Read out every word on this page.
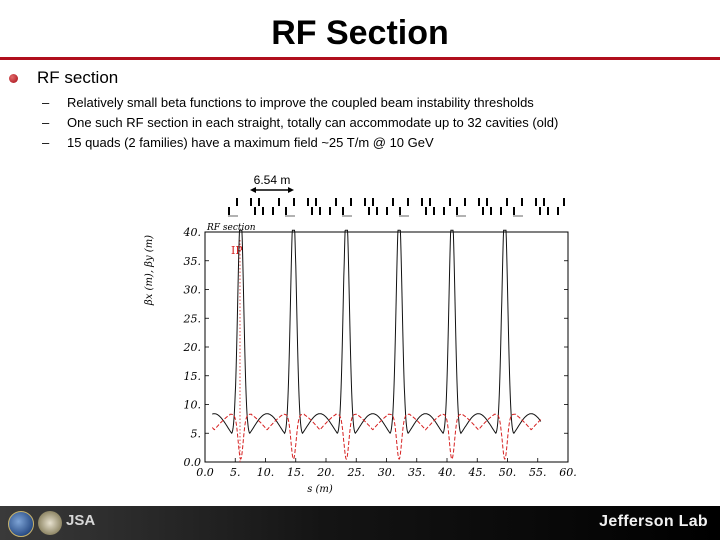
RF Section
RF section
– Relatively small beta functions to improve the coupled beam instability thresholds
– One such RF section in each straight, totally can accommodate up to 32 cavities (old)
– 15 quads (2 families) have a maximum field ~25 T/m @ 10 GeV
6.54 m
RF section
IP
0.0 5. 10. 15. 20. 25. 30. 35. 40. 45. 50. 55. 60.
0.0
5.
10.
15.
20.
25.
30.
35.
40.
βx (m), βy (m)
s (m)
JSA	Jefferson Lab
